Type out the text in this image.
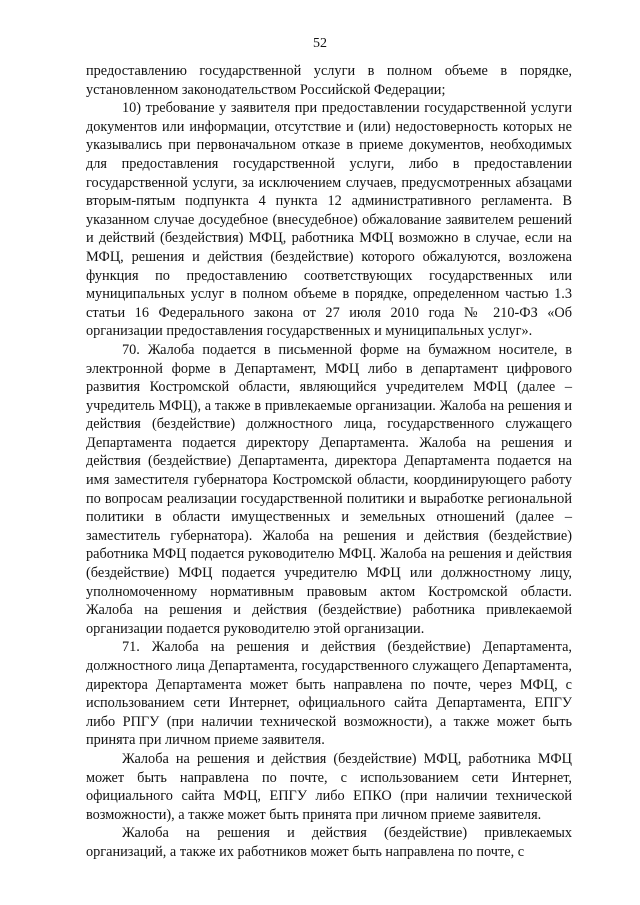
52

предоставлению государственной услуги в полном объеме в порядке, установленном законодательством Российской Федерации;

10) требование у заявителя при предоставлении государственной услуги документов или информации, отсутствие и (или) недостоверность которых не указывались при первоначальном отказе в приеме документов, необходимых для предоставления государственной услуги, либо в предоставлении государственной услуги, за исключением случаев, предусмотренных абзацами вторым-пятым подпункта 4 пункта 12 административного регламента. В указанном случае досудебное (внесудебное) обжалование заявителем решений и действий (бездействия) МФЦ, работника МФЦ возможно в случае, если на МФЦ, решения и действия (бездействие) которого обжалуются, возложена функция по предоставлению соответствующих государственных или муниципальных услуг в полном объеме в порядке, определенном частью 1.3 статьи 16 Федерального закона от 27 июля 2010 года № 210-ФЗ «Об организации предоставления государственных и муниципальных услуг».

70. Жалоба подается в письменной форме на бумажном носителе, в электронной форме в Департамент, МФЦ либо в департамент цифрового развития Костромской области, являющийся учредителем МФЦ (далее – учредитель МФЦ), а также в привлекаемые организации. Жалоба на решения и действия (бездействие) должностного лица, государственного служащего Департамента подается директору Департамента. Жалоба на решения и действия (бездействие) Департамента, директора Департамента подается на имя заместителя губернатора Костромской области, координирующего работу по вопросам реализации государственной политики и выработке региональной политики в области имущественных и земельных отношений (далее – заместитель губернатора). Жалоба на решения и действия (бездействие) работника МФЦ подается руководителю МФЦ. Жалоба на решения и действия (бездействие) МФЦ подается учредителю МФЦ или должностному лицу, уполномоченному нормативным правовым актом Костромской области. Жалоба на решения и действия (бездействие) работника привлекаемой организации подается руководителю этой организации.

71. Жалоба на решения и действия (бездействие) Департамента, должностного лица Департамента, государственного служащего Департамента, директора Департамента может быть направлена по почте, через МФЦ, с использованием сети Интернет, официального сайта Департамента, ЕПГУ либо РПГУ (при наличии технической возможности), а также может быть принята при личном приеме заявителя.

Жалоба на решения и действия (бездействие) МФЦ, работника МФЦ может быть направлена по почте, с использованием сети Интернет, официального сайта МФЦ, ЕПГУ либо ЕПКО (при наличии технической возможности), а также может быть принята при личном приеме заявителя.

Жалоба на решения и действия (бездействие) привлекаемых организаций, а также их работников может быть направлена по почте, с
